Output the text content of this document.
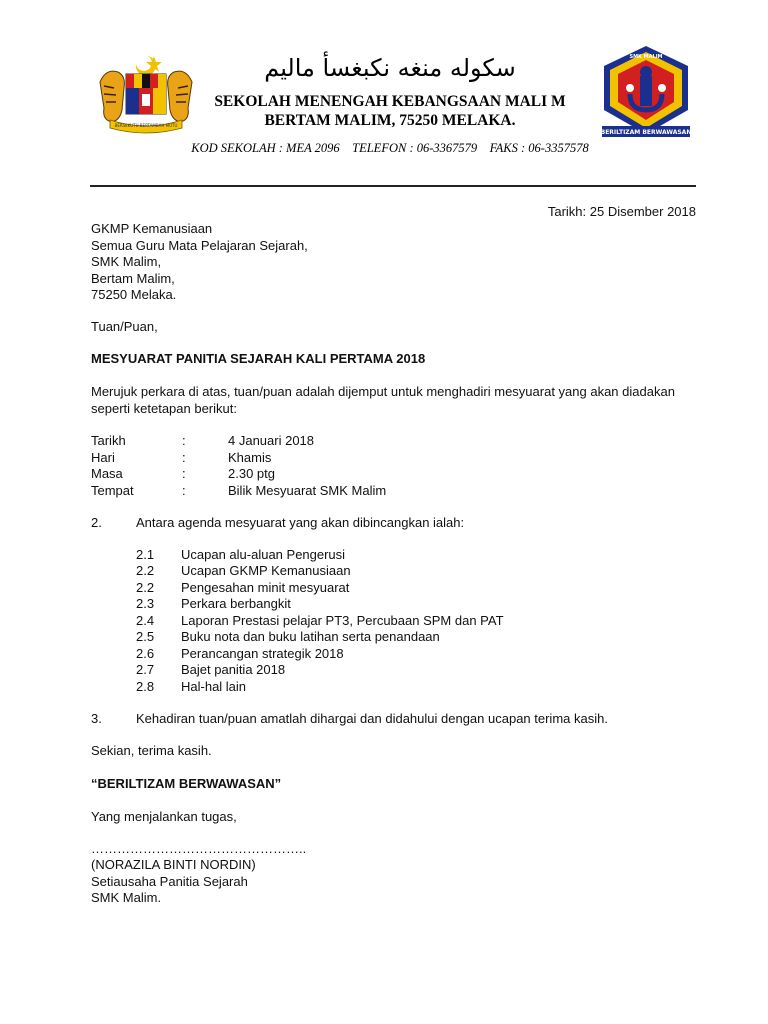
BERSEKUTU BERTAMBAH MUTU
سكوله منغه نكبغسأ ماليم
SEKOLAH MENENGAH KEBANGSAAN MALI M
BERTAM MALIM, 75250 MELAKA.
SMK MALIM
BERILTIZAM BERWAWASAN
KOD SEKOLAH : MEA 2096    TELEFON : 06-3367579    FAKS : 06-3357578
Tarikh: 25 Disember 2018
GKMP Kemanusiaan
Semua Guru Mata Pelajaran Sejarah,
SMK Malim,
Bertam Malim,
75250 Melaka.
Tuan/Puan,
MESYUARAT PANITIA SEJARAH KALI PERTAMA 2018
Merujuk perkara di atas, tuan/puan adalah dijemput untuk menghadiri mesyuarat yang akan diadakan
seperti ketetapan berikut:
Tarikh	:	4 Januari 2018
Hari	:	Khamis
Masa	:	2.30 ptg
Tempat	:	Bilik Mesyuarat SMK Malim
2.	Antara agenda mesyuarat yang akan dibincangkan ialah:
2.1 Ucapan alu-aluan Pengerusi
2.2 Ucapan GKMP Kemanusiaan
2.2 Pengesahan minit mesyuarat
2.3 Perkara berbangkit
2.4 Laporan Prestasi pelajar PT3, Percubaan SPM dan PAT
2.5 Buku nota dan buku latihan serta penandaan
2.6 Perancangan strategik 2018
2.7 Bajet panitia 2018
2.8 Hal-hal lain
3.	Kehadiran tuan/puan amatlah dihargai dan didahului dengan ucapan terima kasih.
Sekian, terima kasih.
“BERILTIZAM BERWAWASAN”
Yang menjalankan tugas,
…………………………………………..
(NORAZILA BINTI NORDIN)
Setiausaha Panitia Sejarah
SMK Malim.
